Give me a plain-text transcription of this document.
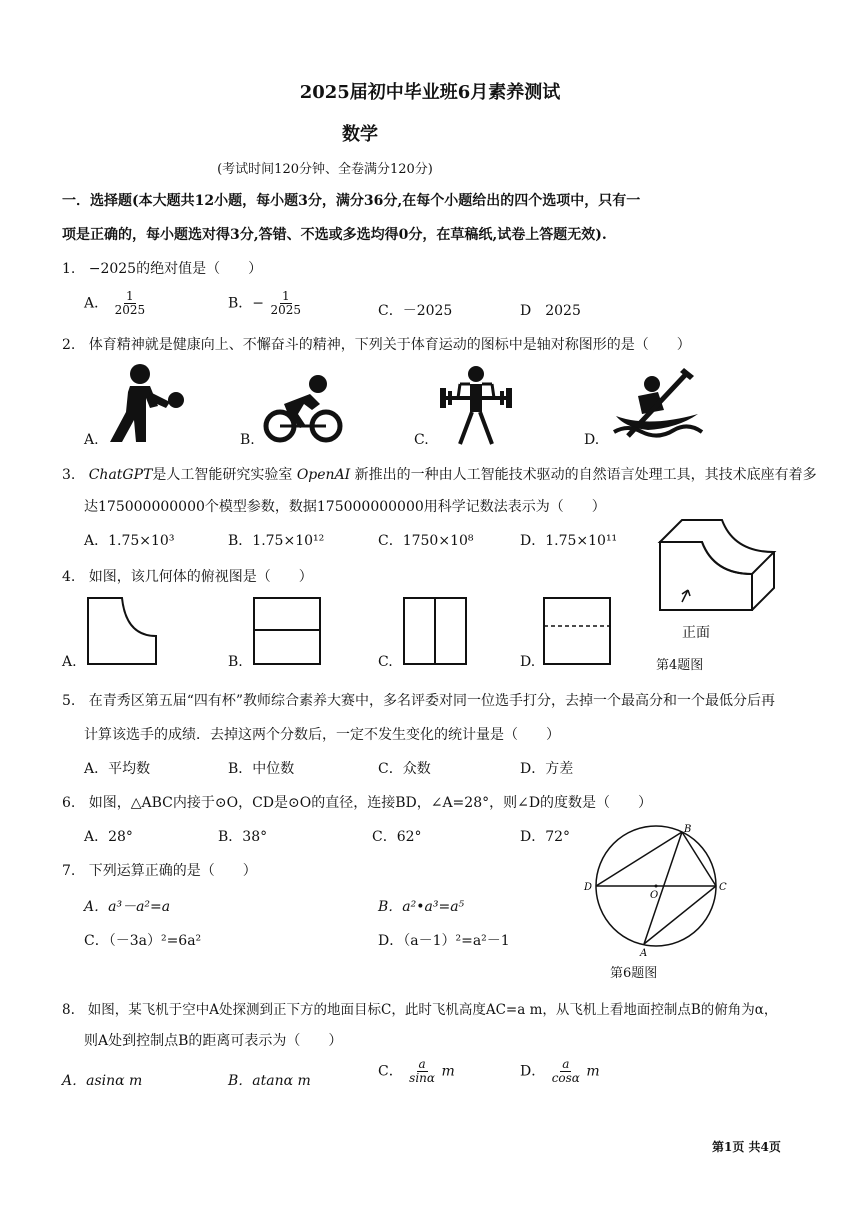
2025届初中毕业班6月素养测试
数学
(考试时间120分钟、全卷满分120分)
一．选择题(本大题共12小题，每小题3分，满分36分,在每个小题给出的四个选项中，只有一
项是正确的，每小题选对得3分,答错、不选或多选均得0分，在草稿纸,试卷上答题无效).
1. −2025的绝对值是（　　）
A． $\frac{1}{2025}$	B．− $\frac{1}{2025}$	C．－2025	D　2025
2. 体育精神就是健康向上、不懈奋斗的精神，下列关于体育运动的图标中是轴对称图形的是（　　）
A.	B.	C.	D.
3. ChatGPT是人工智能研究实验室 OpenAI 新推出的一种由人工智能技术驱动的自然语言处理工具，其技术底座有着多
达175000000000个模型参数，数据175000000000用科学记数法表示为（　　）
A．1.75×10³	B．1.75×10¹²	C．1750×10⁸	D．1.75×10¹¹
正面
4. 如图，该几何体的俯视图是（　　）
A.	B.	C.	D.	第4题图
5. 在青秀区第五届“四有杯”教师综合素养大赛中，多名评委对同一位选手打分，去掉一个最高分和一个最低分后再
计算该选手的成绩．去掉这两个分数后，一定不发生变化的统计量是（　　）
A．平均数	B．中位数	C．众数	D．方差
6. 如图，△ABC内接于⊙O，CD是⊙O的直径，连接BD，∠A=28°，则∠D的度数是（　　）
A．28°	B．38°	C．62°	D．72°	B
D	C
O
A
第6题图
7. 下列运算正确的是（　　）
A．a³－a²=a	B．a²•a³=a⁵
C．（－3a）²=6a²	D．（a－1）²=a²－1
8. 如图，某飞机于空中A处探测到正下方的地面目标C，此时飞机高度AC=a m，从飞机上看地面控制点B的俯角为α，
则A处到控制点B的距离可表示为（　　）
A．asinα m	B．atanα m
C． $\frac{a}{\sin\alpha}$ m	D． $\frac{a}{\cos\alpha}$ m
第1页 共4页
